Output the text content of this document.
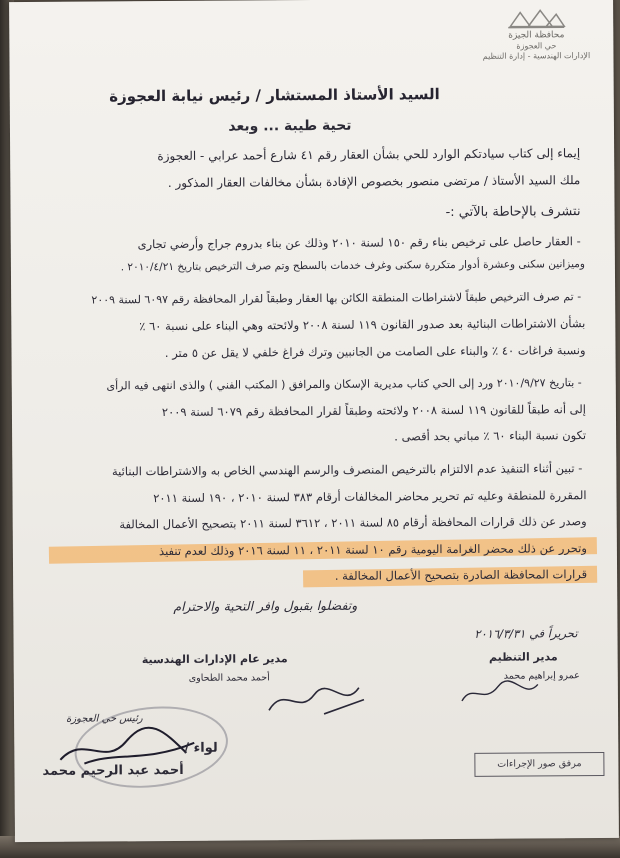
محافظة الجيزة
حي العجوزة
الإدارات الهندسية - إدارة التنظيم
السيد الأستاذ المستشار / رئيس نيابة العجوزة
تحية طيبة ... وبعد
إيماء إلى كتاب سيادتكم الوارد للحي بشأن العقار رقم ٤١ شارع أحمد عرابي - العجوزة
ملك السيد الأستاذ / مرتضى منصور بخصوص الإفادة بشأن مخالفات العقار المذكور .
نتشرف بالإحاطة بالآتي :-
- العقار حاصل على ترخيص بناء رقم ١٥٠ لسنة ٢٠١٠ وذلك عن بناء بدروم جراج وأرضي تجارى
وميزانين سكنى وعشرة أدوار متكررة سكنى وغرف خدمات بالسطح وتم صرف الترخيص بتاريخ ٢٠١٠/٤/٢١ .
- تم صرف الترخيص طبقاً لاشتراطات المنطقة الكائن بها العقار وطبقاً لقرار المحافظة رقم ٦٠٩٧ لسنة ٢٠٠٩
بشأن الاشتراطات البنائية بعد صدور القانون ١١٩ لسنة ٢٠٠٨ ولائحته وهي البناء على نسبة ٦٠ ٪
ونسبة فراغات ٤٠ ٪ والبناء على الصامت من الجانبين وترك فراغ خلفي لا يقل عن ٥ متر .
- بتاريخ ٢٠١٠/٩/٢٧ ورد إلى الحي كتاب مديرية الإسكان والمرافق ( المكتب الفني ) والذى انتهى فيه الرأى
إلى أنه طبقاً للقانون ١١٩ لسنة ٢٠٠٨ ولائحته وطبقاً لقرار المحافظة رقم ٦٠٧٩ لسنة ٢٠٠٩
تكون نسبة البناء ٦٠ ٪ مباني بحد أقصى .
- تبين أثناء التنفيذ عدم الالتزام بالترخيص المنصرف والرسم الهندسي الخاص به والاشتراطات البنائية
المقررة للمنطقة وعليه تم تحرير محاضر المخالفات أرقام ٣٨٣ لسنة ٢٠١٠ ، ١٩٠ لسنة ٢٠١١
وصدر عن ذلك قرارات المحافظة أرقام ٨٥ لسنة ٢٠١١ ، ٣٦١٢ لسنة ٢٠١١ بتصحيح الأعمال المخالفة
وتحرر عن ذلك محضر الغرامة اليومية رقم ١٠ لسنة ٢٠١١ ، ١١ لسنة ٢٠١٦ وذلك لعدم تنفيذ
قرارات المحافظة الصادرة بتصحيح الأعمال المخالفة .
وتفضلوا بقبول وافر التحية والاحترام
تحريراً في ٢٠١٦/٣/٣١
مدير التنظيم
عمرو إبراهيم محمد
مدير عام الإدارات الهندسية
أحمد محمد الطحاوى
رئيس حي العجوزة
لواء /
أحمد عبد الرحيم محمد	مرفق صور الإجراءات
